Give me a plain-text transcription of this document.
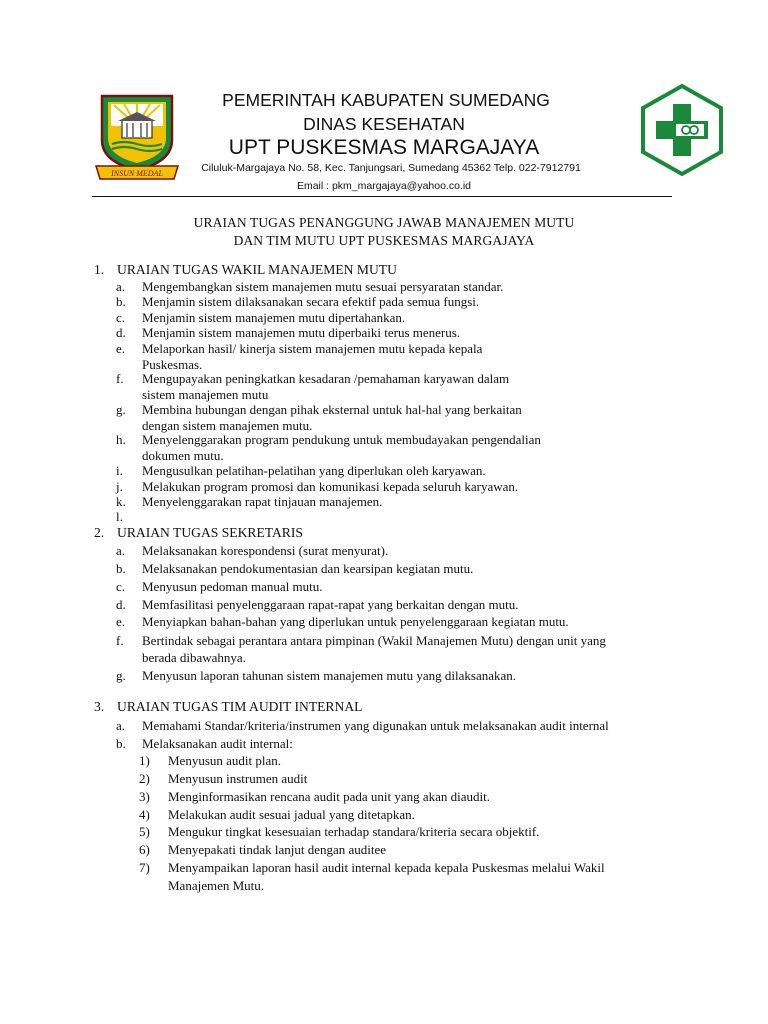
INSUN MEDAL
PEMERINTAH KABUPATEN SUMEDANG
DINAS KESEHATAN
UPT PUSKESMAS MARGAJAYA
Ciluluk-Margajaya No. 58, Kec. Tanjungsari, Sumedang 45362 Telp. 022-7912791
Email : pkm_margajaya@yahoo.co.id
URAIAN TUGAS PENANGGUNG JAWAB MANAJEMEN MUTU
DAN TIM MUTU UPT PUSKESMAS MARGAJAYA
1. URAIAN TUGAS WAKIL MANAJEMEN MUTU
a. Mengembangkan sistem manajemen mutu sesuai persyaratan standar.
b. Menjamin sistem dilaksanakan secara efektif pada semua fungsi.
c. Menjamin sistem manajemen mutu dipertahankan.
d. Menjamin sistem manajemen mutu diperbaiki terus menerus.
e. Melaporkan hasil/ kinerja sistem manajemen mutu kepada kepala
Puskesmas.
f. Mengupayakan peningkatkan kesadaran /pemahaman karyawan dalam
sistem manajemen mutu
g. Membina hubungan dengan pihak eksternal untuk hal-hal yang berkaitan
dengan sistem manajemen mutu.
h. Menyelenggarakan program pendukung untuk membudayakan pengendalian
dokumen mutu.
i. Mengusulkan pelatihan-pelatihan yang diperlukan oleh karyawan.
j. Melakukan program promosi dan komunikasi kepada seluruh karyawan.
k. Menyelenggarakan rapat tinjauan manajemen.
l.
2. URAIAN TUGAS SEKRETARIS
a. Melaksanakan korespondensi (surat menyurat).
b. Melaksanakan pendokumentasian dan kearsipan kegiatan mutu.
c. Menyusun pedoman manual mutu.
d. Memfasilitasi penyelenggaraan rapat-rapat yang berkaitan dengan mutu.
e. Menyiapkan bahan-bahan yang diperlukan untuk penyelenggaraan kegiatan mutu.
f. Bertindak sebagai perantara antara pimpinan (Wakil Manajemen Mutu) dengan unit yang
berada dibawahnya.
g. Menyusun laporan tahunan sistem manajemen mutu yang dilaksanakan.
3. URAIAN TUGAS TIM AUDIT INTERNAL
a. Memahami Standar/kriteria/instrumen yang digunakan untuk melaksanakan audit internal
b. Melaksanakan audit internal:
1) Menyusun audit plan.
2) Menyusun instrumen audit
3) Menginformasikan rencana audit pada unit yang akan diaudit.
4) Melakukan audit sesuai jadual yang ditetapkan.
5) Mengukur tingkat kesesuaian terhadap standara/kriteria secara objektif.
6) Menyepakati tindak lanjut dengan auditee
7) Menyampaikan laporan hasil audit internal kepada kepala Puskesmas melalui Wakil
Manajemen Mutu.
